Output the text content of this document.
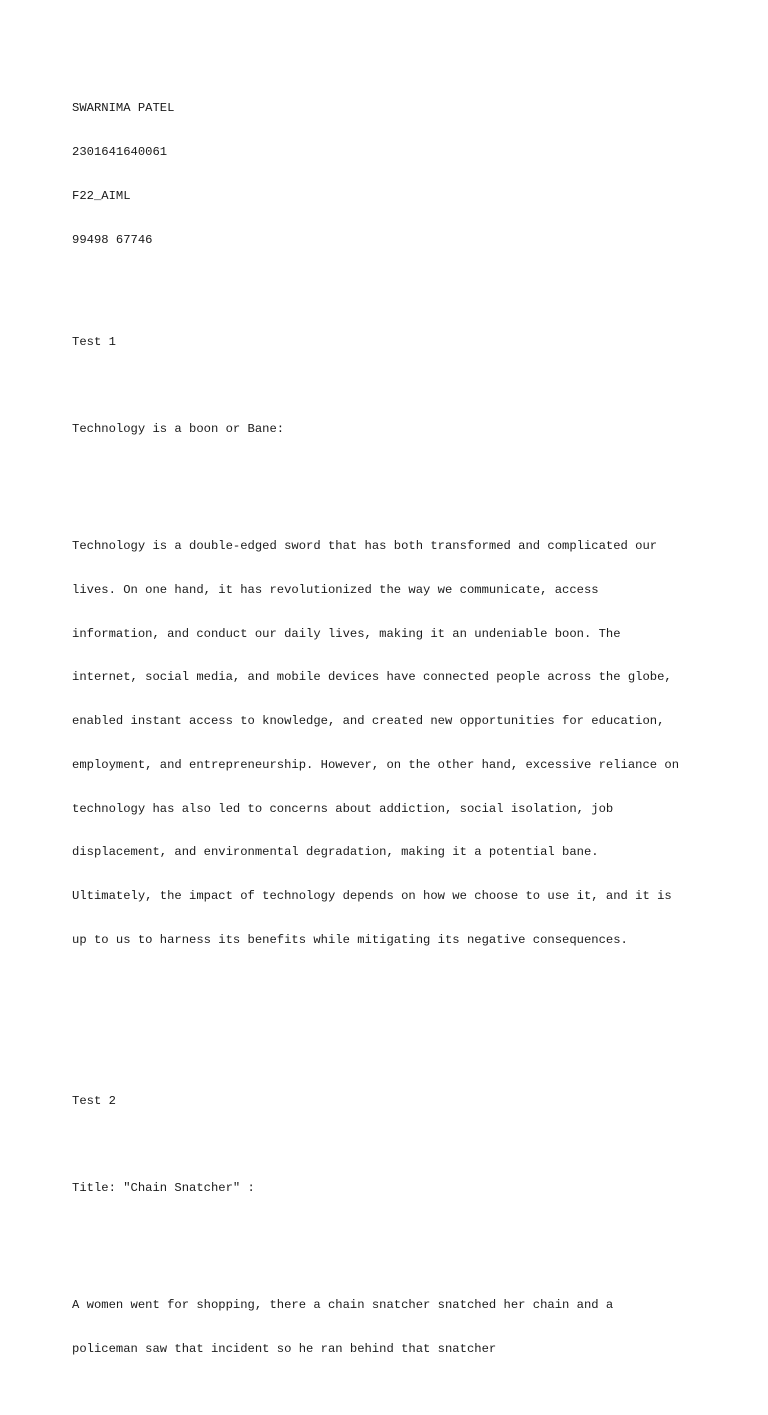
SWARNIMA PATEL

2301641640061

F22_AIML

99498 67746

Test 1

Technology is a boon or Bane:

Technology is a double-edged sword that has both transformed and complicated our

lives. On one hand, it has revolutionized the way we communicate, access

information, and conduct our daily lives, making it an undeniable boon. The

internet, social media, and mobile devices have connected people across the globe,

enabled instant access to knowledge, and created new opportunities for education,

employment, and entrepreneurship. However, on the other hand, excessive reliance on

technology has also led to concerns about addiction, social isolation, job

displacement, and environmental degradation, making it a potential bane.

Ultimately, the impact of technology depends on how we choose to use it, and it is

up to us to harness its benefits while mitigating its negative consequences.

Test 2

Title: "Chain Snatcher" :

A women went for shopping, there a chain snatcher snatched her chain and a

policeman saw that incident so he ran behind that snatcher
